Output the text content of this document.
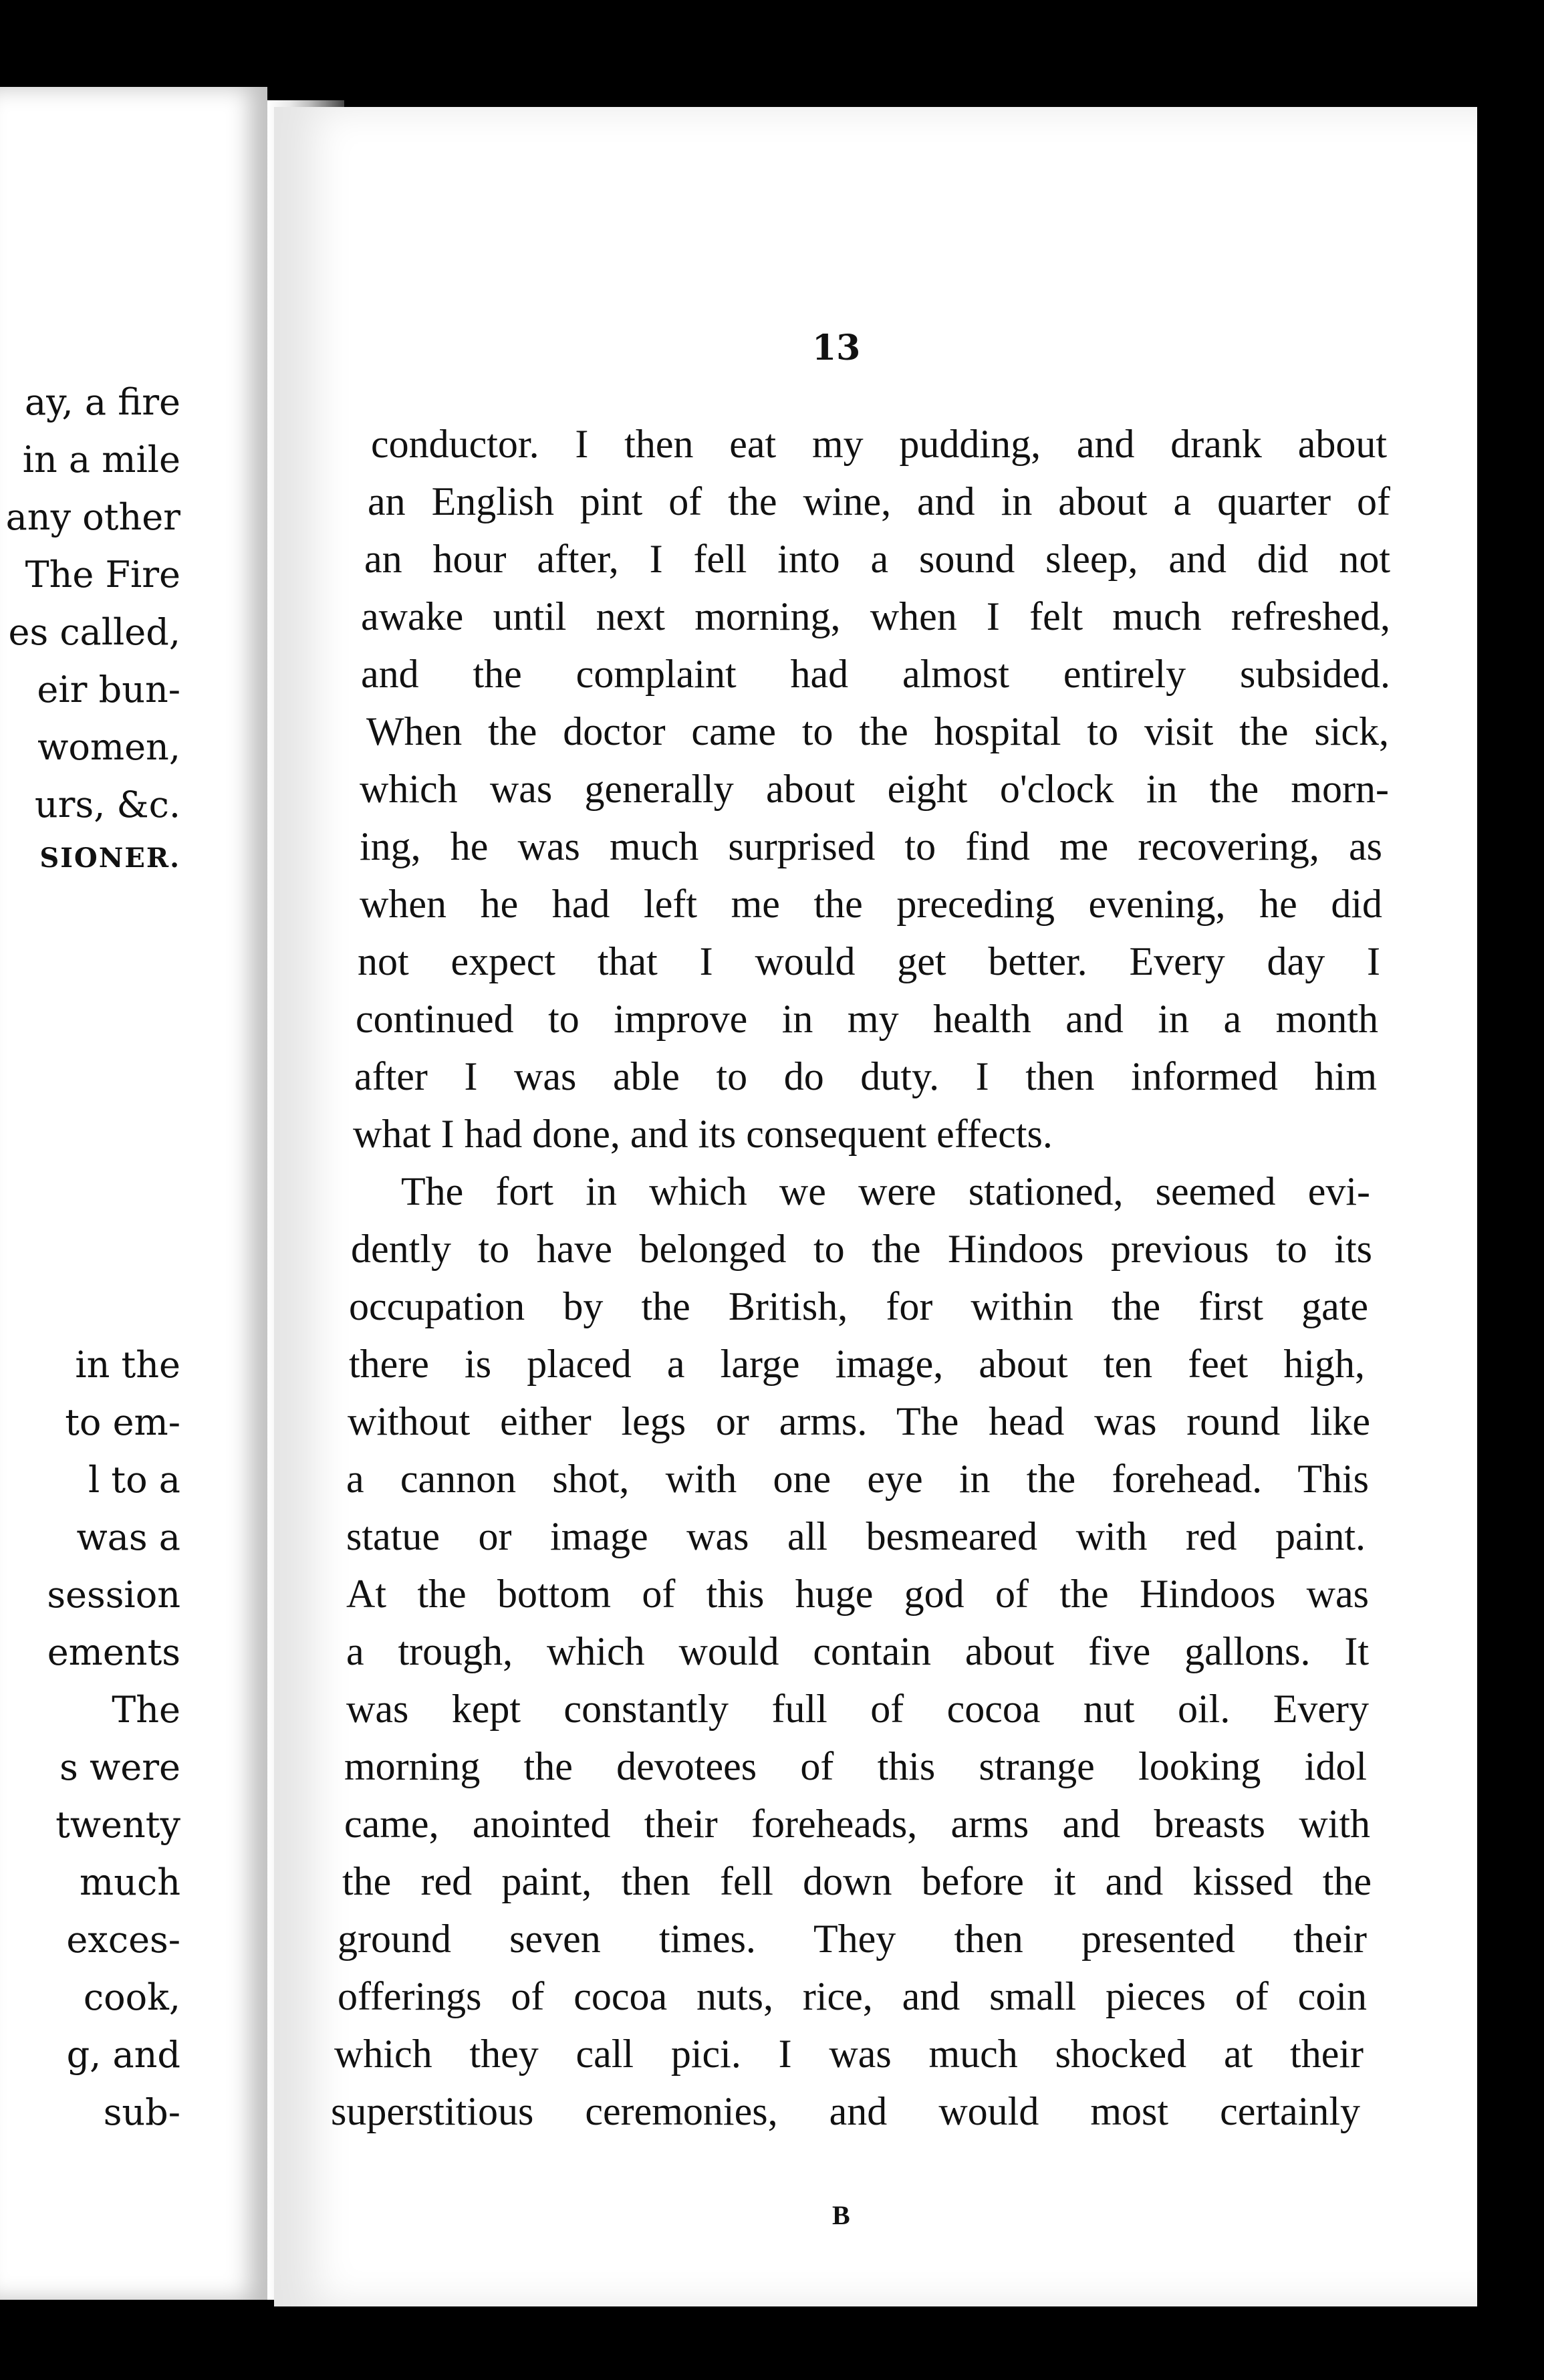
ay, a fire
in a mile
any other
The Fire
es called,
eir bun-
women,
urs, &c.
SIONER.
in the
to em-
l to a
was a
session
ements
The
s were
twenty
much
exces-
cook,
g, and
sub-
13
conductor. I then eat my pudding, and drank about
an English pint of the wine, and in about a quarter of
an hour after, I fell into a sound sleep, and did not
awake until next morning, when I felt much refreshed,
and the complaint had almost entirely subsided.
When the doctor came to the hospital to visit the sick,
which was generally about eight o'clock in the morn-
ing, he was much surprised to find me recovering, as
when he had left me the preceding evening, he did
not expect that I would get better. Every day I
continued to improve in my health and in a month
after I was able to do duty. I then informed him
what I had done, and its consequent effects.
The fort in which we were stationed, seemed evi-
dently to have belonged to the Hindoos previous to its
occupation by the British, for within the first gate
there is placed a large image, about ten feet high,
without either legs or arms. The head was round like
a cannon shot, with one eye in the forehead. This
statue or image was all besmeared with red paint.
At the bottom of this huge god of the Hindoos was
a trough, which would contain about five gallons. It
was kept constantly full of cocoa nut oil. Every
morning the devotees of this strange looking idol
came, anointed their foreheads, arms and breasts with
the red paint, then fell down before it and kissed the
ground seven times. They then presented their
offerings of cocoa nuts, rice, and small pieces of coin
which they call pici. I was much shocked at their
superstitious ceremonies, and would most certainly
B
